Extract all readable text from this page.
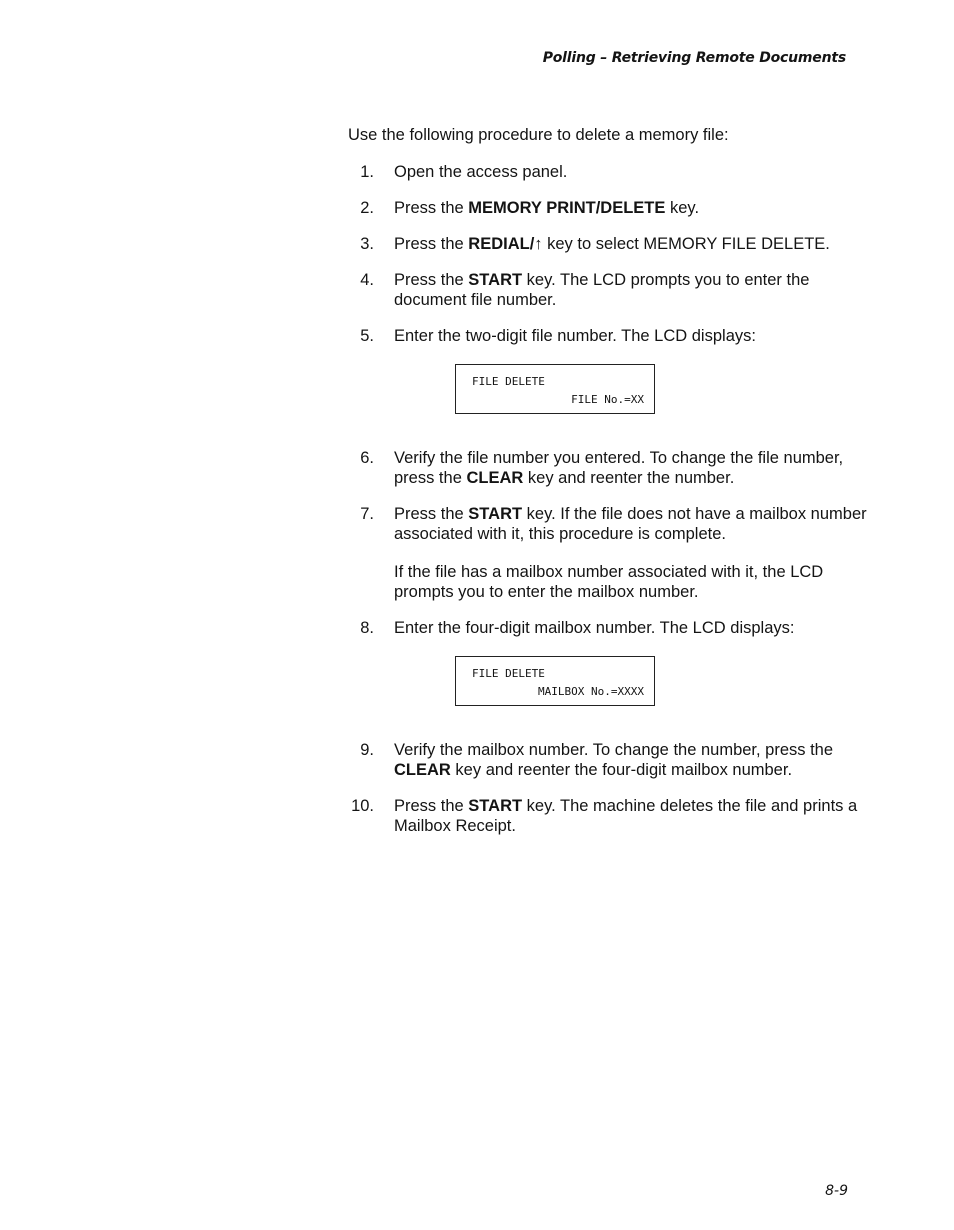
Polling – Retrieving Remote Documents
Use the following procedure to delete a memory file:
1. Open the access panel.
2. Press the MEMORY PRINT/DELETE key.
3. Press the REDIAL/↑ key to select MEMORY FILE DELETE.
4. Press the START key. The LCD prompts you to enter the document file number.
5. Enter the two-digit file number. The LCD displays:
FILE DELETE
FILE No.=XX
6. Verify the file number you entered. To change the file number, press the CLEAR key and reenter the number.
7. Press the START key. If the file does not have a mailbox number associated with it, this procedure is complete.
If the file has a mailbox number associated with it, the LCD prompts you to enter the mailbox number.
8. Enter the four-digit mailbox number. The LCD displays:
FILE DELETE
MAILBOX No.=XXXX
9. Verify the mailbox number. To change the number, press the CLEAR key and reenter the four-digit mailbox number.
10. Press the START key. The machine deletes the file and prints a Mailbox Receipt.
8-9
